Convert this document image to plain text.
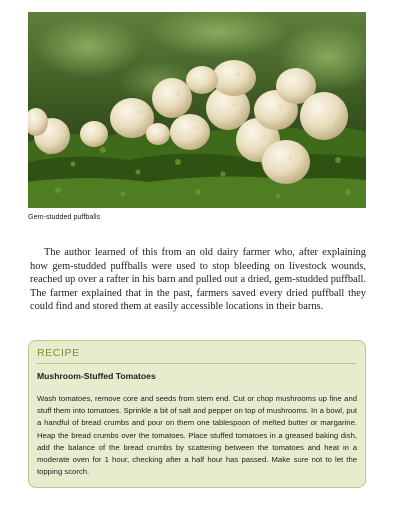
Gem-studded puffballs

The author learned of this from an old dairy farmer who, after explaining how gem-studded puffballs were used to stop bleeding on livestock wounds, reached up over a rafter in his barn and pulled out a dried, gem-studded puffball. The farmer explained that in the past, farmers saved every dried puffball they could find and stored them at easily accessible locations in their barns.

RECIPE
Mushroom-Stuffed Tomatoes

Wash tomatoes, remove core and seeds from stem end. Cut or chop mushrooms up fine and stuff them into tomatoes. Sprinkle a bit of salt and pepper on top of mushrooms. In a bowl, put a handful of bread crumbs and pour on them one tablespoon of melted butter or margarine. Heap the bread crumbs over the tomatoes. Place stuffed tomatoes in a greased baking dish, add the balance of the bread crumbs by scattering between the tomatoes and heat in a moderate oven for 1 hour, checking after a half hour has passed. Make sure not to let the topping scorch.
